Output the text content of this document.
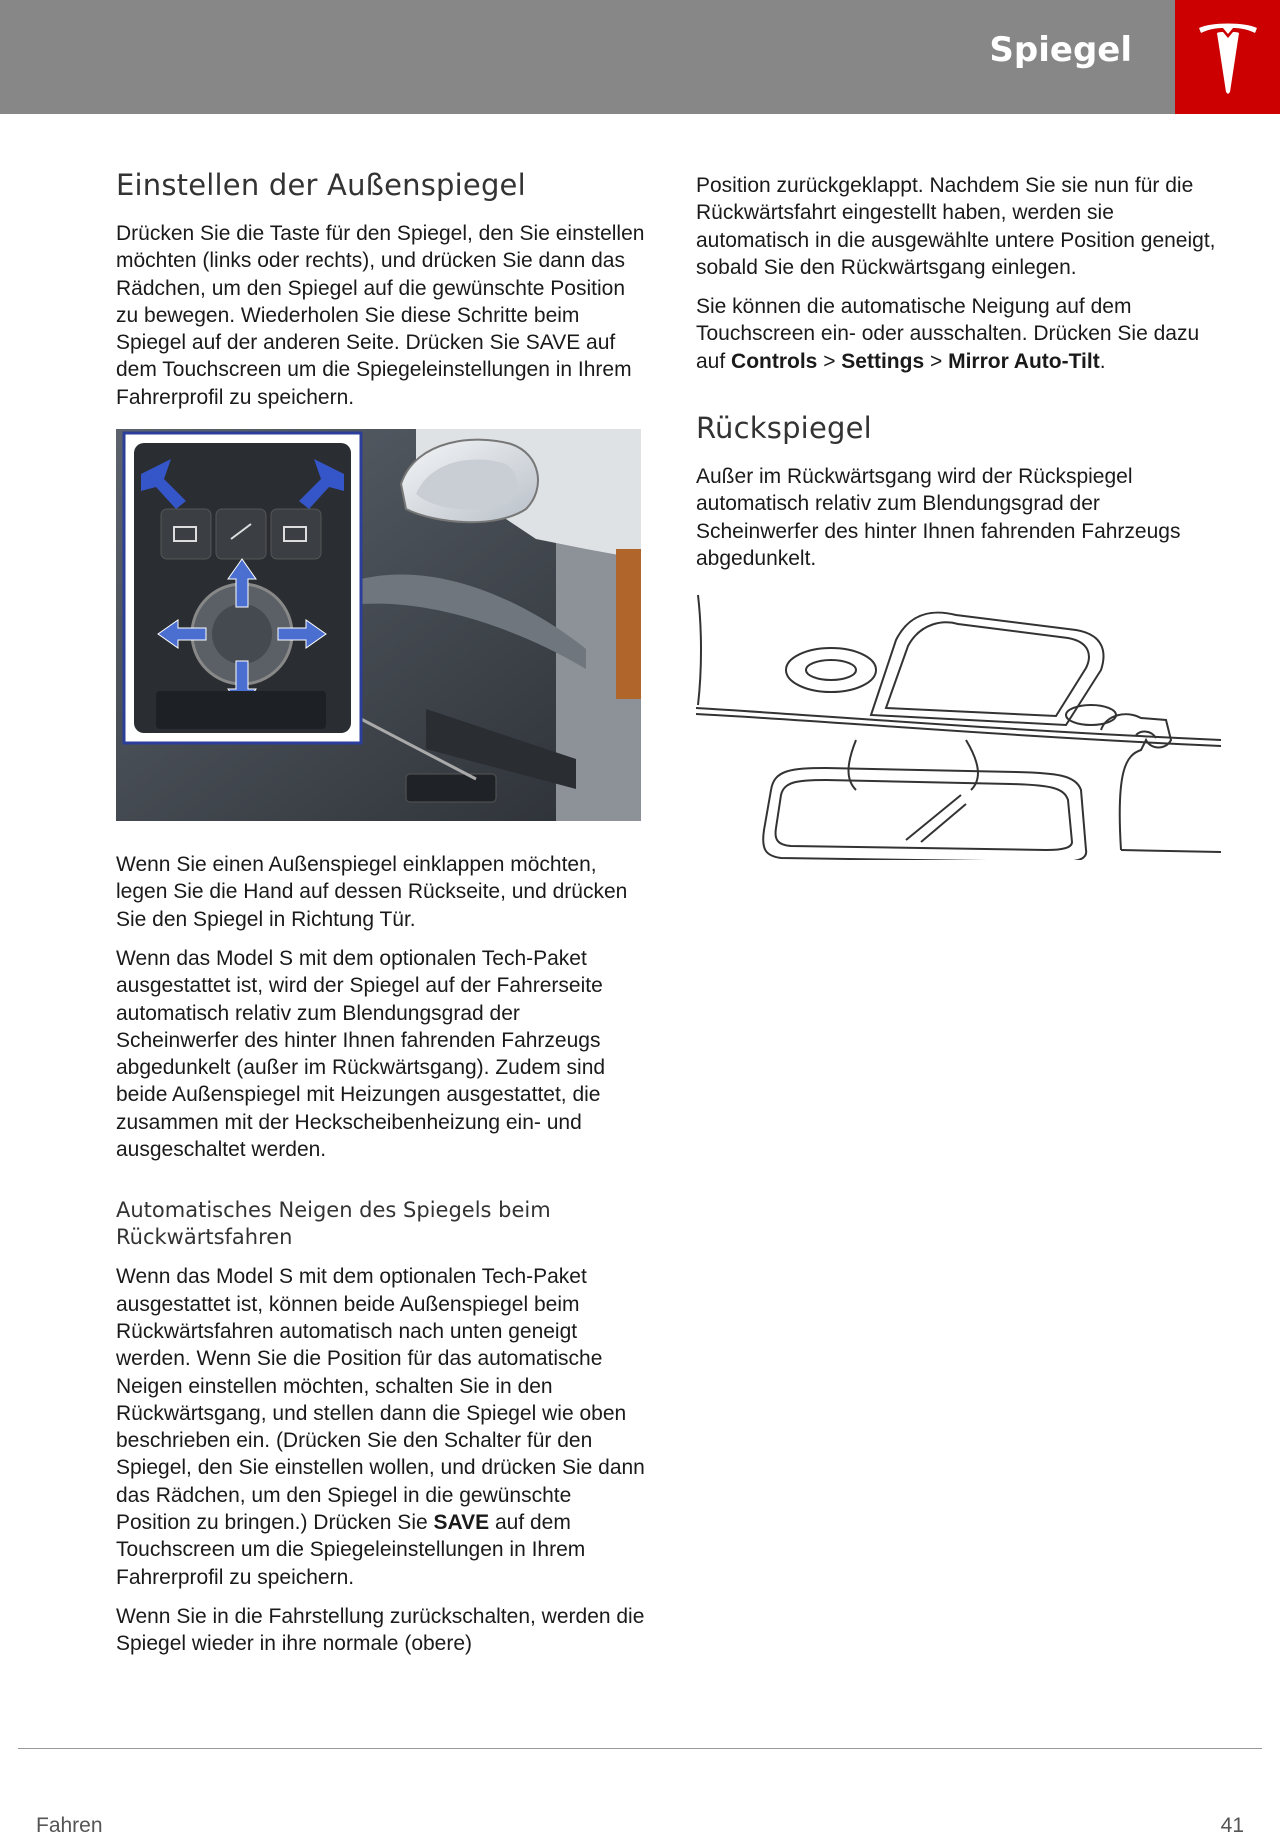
Spiegel
Einstellen der Außenspiegel

Drücken Sie die Taste für den Spiegel, den Sie einstellen möchten (links oder rechts), und drücken Sie dann das Rädchen, um den Spiegel auf die gewünschte Position zu bewegen. Wiederholen Sie diese Schritte beim Spiegel auf der anderen Seite. Drücken Sie SAVE auf dem Touchscreen um die Spiegeleinstellungen in Ihrem Fahrerprofil zu speichern.

Wenn Sie einen Außenspiegel einklappen möchten, legen Sie die Hand auf dessen Rückseite, und drücken Sie den Spiegel in Richtung Tür.

Wenn das Model S mit dem optionalen Tech-Paket ausgestattet ist, wird der Spiegel auf der Fahrerseite automatisch relativ zum Blendungsgrad der Scheinwerfer des hinter Ihnen fahrenden Fahrzeugs abgedunkelt (außer im Rückwärtsgang). Zudem sind beide Außenspiegel mit Heizungen ausgestattet, die zusammen mit der Heckscheibenheizung ein- und ausgeschaltet werden.

Automatisches Neigen des Spiegels beim Rückwärtsfahren

Wenn das Model S mit dem optionalen Tech-Paket ausgestattet ist, können beide Außenspiegel beim Rückwärtsfahren automatisch nach unten geneigt werden. Wenn Sie die Position für das automatische Neigen einstellen möchten, schalten Sie in den Rückwärtsgang, und stellen dann die Spiegel wie oben beschrieben ein. (Drücken Sie den Schalter für den Spiegel, den Sie einstellen wollen, und drücken Sie dann das Rädchen, um den Spiegel in die gewünschte Position zu bringen.) Drücken Sie SAVE auf dem Touchscreen um die Spiegeleinstellungen in Ihrem Fahrerprofil zu speichern.

Wenn Sie in die Fahrstellung zurückschalten, werden die Spiegel wieder in ihre normale (obere)

Position zurückgeklappt. Nachdem Sie sie nun für die Rückwärtsfahrt eingestellt haben, werden sie automatisch in die ausgewählte untere Position geneigt, sobald Sie den Rückwärtsgang einlegen.

Sie können die automatische Neigung auf dem Touchscreen ein- oder ausschalten. Drücken Sie dazu auf Controls > Settings > Mirror Auto-Tilt.

Rückspiegel

Außer im Rückwärtsgang wird der Rückspiegel automatisch relativ zum Blendungsgrad der Scheinwerfer des hinter Ihnen fahrenden Fahrzeugs abgedunkelt.

Fahren	41
